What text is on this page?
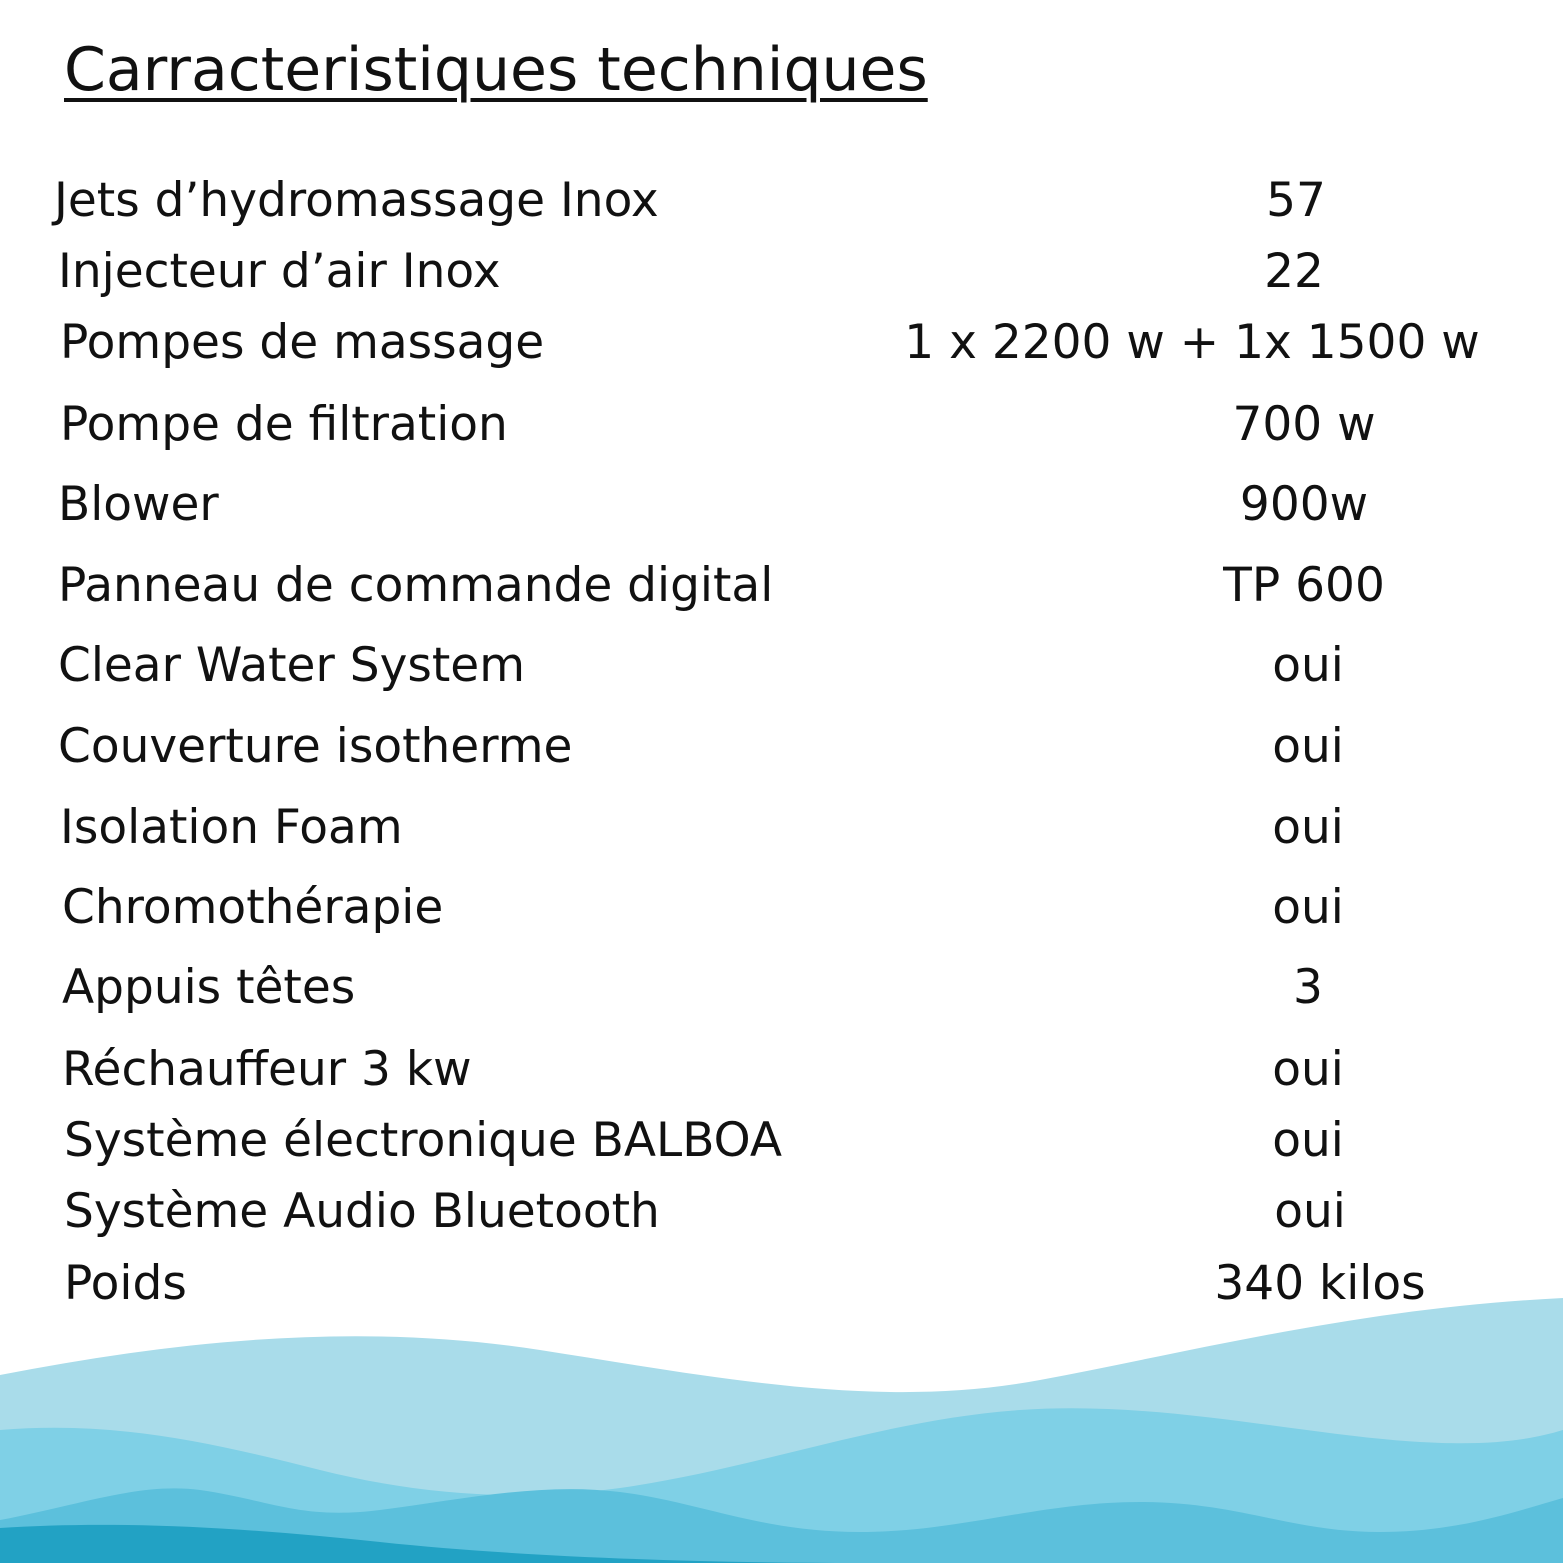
Carracteristiques techniques
Jets d’hydromassage Inox	57
Injecteur d’air Inox	22
Pompes de massage	1 x 2200 w + 1x 1500 w
Pompe de filtration	700 w
Blower	900w
Panneau de commande digital	TP 600
Clear Water System	oui
Couverture isotherme	oui
Isolation Foam	oui
Chromothérapie	oui
Appuis têtes	3
Réchauffeur 3 kw	oui
Système électronique BALBOA	oui
Système Audio Bluetooth	oui
Poids	340 kilos
